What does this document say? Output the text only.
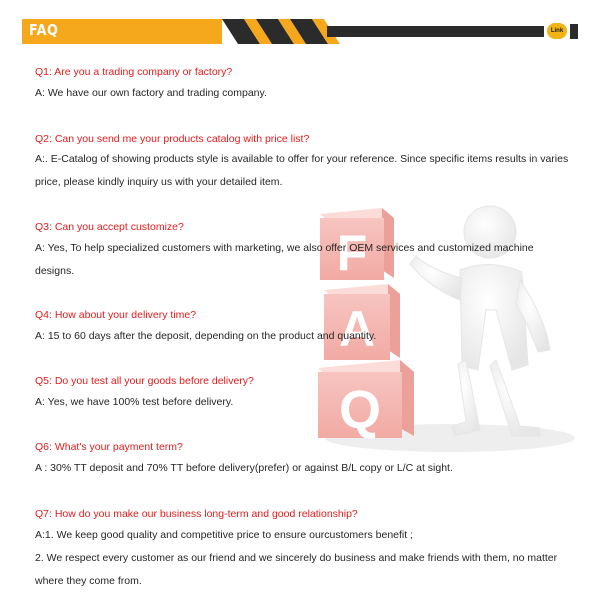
FAQ	Link
F
A
Q
Q1: Are you a trading company or factory?
A: We have our own factory and trading company.
Q2: Can you send me your products catalog with price list?
A:. E-Catalog of showing products style is available to offer for your reference. Since specific items results in varies price, please kindly inquiry us with your detailed item.
Q3: Can you accept customize?
A: Yes, To help specialized customers with marketing, we also offer OEM services and customized machine designs.
Q4: How about your delivery time?
A: 15 to 60 days after the deposit, depending on the product and quantity.
Q5: Do you test all your goods before delivery?
A: Yes, we have 100% test before delivery.
Q6: What's your payment term?
A : 30% TT deposit and 70% TT before delivery(prefer) or against B/L copy or L/C at sight.
Q7: How do you make our business long-term and good relationship?
A:1. We keep good quality and competitive price to ensure ourcustomers benefit ;
2. We respect every customer as our friend and we sincerely do business and make friends with them, no matter where they come from.
